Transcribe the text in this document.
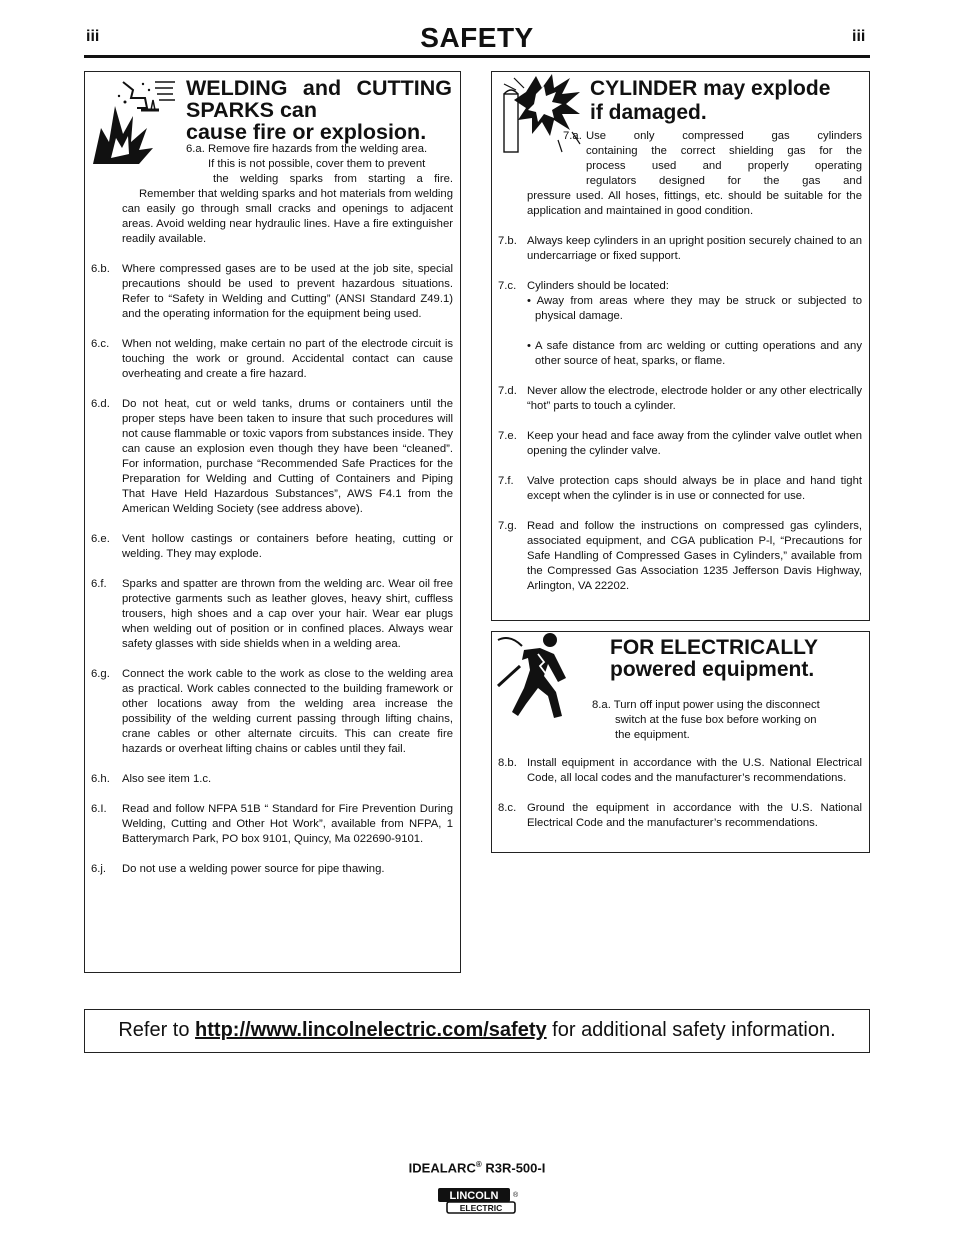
iii	iii
SAFETY
WELDING and CUTTING
SPARKS can
cause fire or explosion.
6.a. Remove fire hazards from the welding area.
If this is not possible, cover them to prevent
the welding sparks from starting a fire.
Remember that welding sparks and hot materials from welding can easily go through small cracks and openings to adjacent areas. Avoid welding near hydraulic lines. Have a fire extinguisher readily available.
6.b. Where compressed gases are to be used at the job site, special precautions should be used to prevent hazardous situations. Refer to “Safety in Welding and Cutting” (ANSI Standard Z49.1) and the operating information for the equipment being used.
6.c. When not welding, make certain no part of the electrode circuit is touching the work or ground. Accidental contact can cause overheating and create a fire hazard.
6.d. Do not heat, cut or weld tanks, drums or containers until the proper steps have been taken to insure that such procedures will not cause flammable or toxic vapors from substances inside. They can cause an explosion even though they have been “cleaned”. For information, purchase “Recommended Safe Practices for the Preparation for Welding and Cutting of Containers and Piping That Have Held Hazardous Substances”, AWS F4.1 from the American Welding Society (see address above).
6.e. Vent hollow castings or containers before heating, cutting or welding. They may explode.
6.f. Sparks and spatter are thrown from the welding arc. Wear oil free protective garments such as leather gloves, heavy shirt, cuffless trousers, high shoes and a cap over your hair. Wear ear plugs when welding out of position or in confined places. Always wear safety glasses with side shields when in a welding area.
6.g. Connect the work cable to the work as close to the welding area as practical. Work cables connected to the building framework or other locations away from the welding area increase the possibility of the welding current passing through lifting chains, crane cables or other alternate circuits. This can create fire hazards or overheat lifting chains or cables until they fail.
6.h. Also see item 1.c.
6.I. Read and follow NFPA 51B “ Standard for Fire Prevention During Welding, Cutting and Other Hot Work”, available from NFPA, 1 Batterymarch Park, PO box 9101, Quincy, Ma 022690-9101.
6.j. Do not use a welding power source for pipe thawing.
CYLINDER may explode
if damaged.
7.a. Use only compressed gas cylinders
containing the correct shielding gas for the
process used and properly operating
regulators designed for the gas and
pressure used. All hoses, fittings, etc. should be suitable for the application and maintained in good condition.
7.b. Always keep cylinders in an upright position securely chained to an undercarriage or fixed support.
7.c. Cylinders should be located:
• Away from areas where they may be struck or subjected to physical damage.
• A safe distance from arc welding or cutting operations and any other source of heat, sparks, or flame.
7.d. Never allow the electrode, electrode holder or any other electrically “hot” parts to touch a cylinder.
7.e. Keep your head and face away from the cylinder valve outlet when opening the cylinder valve.
7.f. Valve protection caps should always be in place and hand tight except when the cylinder is in use or connected for use.
7.g. Read and follow the instructions on compressed gas cylinders, associated equipment, and CGA publication P-l, “Precautions for Safe Handling of Compressed Gases in Cylinders,” available from the Compressed Gas Association 1235 Jefferson Davis Highway, Arlington, VA 22202.
FOR ELECTRICALLY
powered equipment.
8.a. Turn off input power using the disconnect
switch at the fuse box before working on
the equipment.
8.b. Install equipment in accordance with the U.S. National Electrical Code, all local codes and the manufacturer’s recommendations.
8.c. Ground the equipment in accordance with the U.S. National Electrical Code and the manufacturer’s recommendations.
Refer to http://www.lincolnelectric.com/safety for additional safety information.
IDEALARC® R3R-500-I
LINCOLN
ELECTRIC
®
